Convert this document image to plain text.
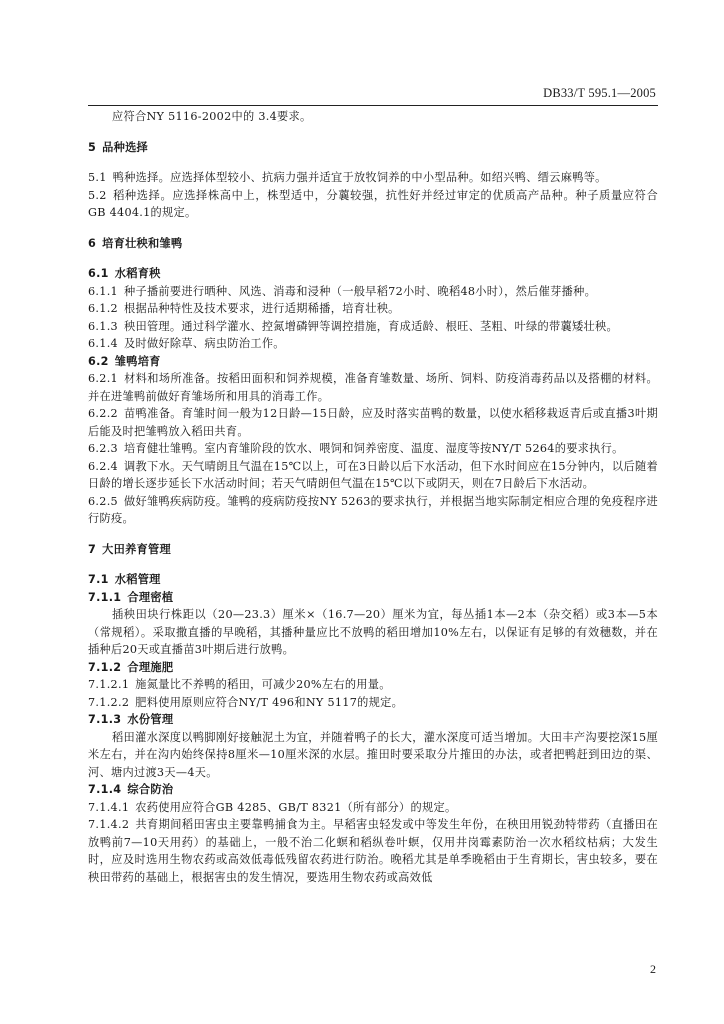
DB33/T 595.1—2005

应符合NY 5116-2002中的 3.4要求。

5 品种选择

5.1 鸭种选择。应选择体型较小、抗病力强并适宜于放牧饲养的中小型品种。如绍兴鸭、缙云麻鸭等。

5.2 稻种选择。应选择株高中上，株型适中，分蘘较强，抗性好并经过审定的优质高产品种。种子质量应符合GB 4404.1的规定。

6 培育壮秧和雏鸭

6.1 水稻育秧

6.1.1 种子播前要进行晒种、风选、消毒和浸种（一般早稻72小时、晚稻48小时），然后催芽播种。

6.1.2 根据品种特性及技术要求，进行适期稀播，培育壮秧。

6.1.3 秧田管理。通过科学灌水、控氮增磷钾等调控措施，育成适龄、根旺、茎粗、叶绿的带蘘矮壮秧。

6.1.4 及时做好除草、病虫防治工作。

6.2 雏鸭培育

6.2.1 材料和场所准备。按稻田面积和饲养规模，准备育雏数量、场所、饲料、防疫消毒药品以及搭棚的材料。并在进雏鸭前做好育雏场所和用具的消毒工作。

6.2.2 苗鸭准备。育雏时间一般为12日龄—15日龄，应及时落实苗鸭的数量，以使水稻移栽返青后或直播3叶期后能及时把雏鸭放入稻田共育。

6.2.3 培育健壮雏鸭。室内育雏阶段的饮水、喂饲和饲养密度、温度、湿度等按NY/T 5264的要求执行。

6.2.4 调教下水。天气晴朗且气温在15℃以上，可在3日龄以后下水活动，但下水时间应在15分钟内，以后随着日龄的增长逐步延长下水活动时间；若天气晴朗但气温在15℃以下或阴天，则在7日龄后下水活动。

6.2.5 做好雏鸭疾病防疫。雏鸭的疫病防疫按NY 5263的要求执行，并根据当地实际制定相应合理的免疫程序进行防疫。

7 大田养育管理

7.1 水稻管理

7.1.1 合理密植

插秧田块行株距以（20—23.3）厘米×（16.7—20）厘米为宜，每丛插1本—2本（杂交稻）或3本—5本（常规稻）。采取撒直播的早晚稻，其播种量应比不放鸭的稻田增加10%左右，以保证有足够的有效穗数，并在插种后20天或直播苗3叶期后进行放鸭。

7.1.2 合理施肥

7.1.2.1 施氮量比不养鸭的稻田，可减少20%左右的用量。

7.1.2.2 肥料使用原则应符合NY/T 496和NY 5117的规定。

7.1.3 水份管理

稻田灌水深度以鸭脚刚好接触泥土为宜，并随着鸭子的长大，灌水深度可适当增加。大田丰产沟要挖深15厘米左右，并在沟内始终保持8厘米—10厘米深的水层。搉田时要采取分片搉田的办法，或者把鸭赶到田边的渠、河、塘内过渡3天—4天。

7.1.4 综合防治

7.1.4.1 农药使用应符合GB 4285、GB/T 8321（所有部分）的规定。

7.1.4.2 共育期间稻田害虫主要靠鸭捕食为主。早稻害虫轻发或中等发生年份，在秧田用锐劲特带药（直播田在放鸭前7—10天用药）的基础上，一般不治二化螟和稻纵卷叶螟，仅用井岗霉素防治一次水稻纹枯病；大发生时，应及时选用生物农药或高效低毒低残留农药进行防治。晚稻尤其是单季晚稻由于生育期长，害虫较多，要在秧田带药的基础上，根据害虫的发生情况，要选用生物农药或高效低

2
